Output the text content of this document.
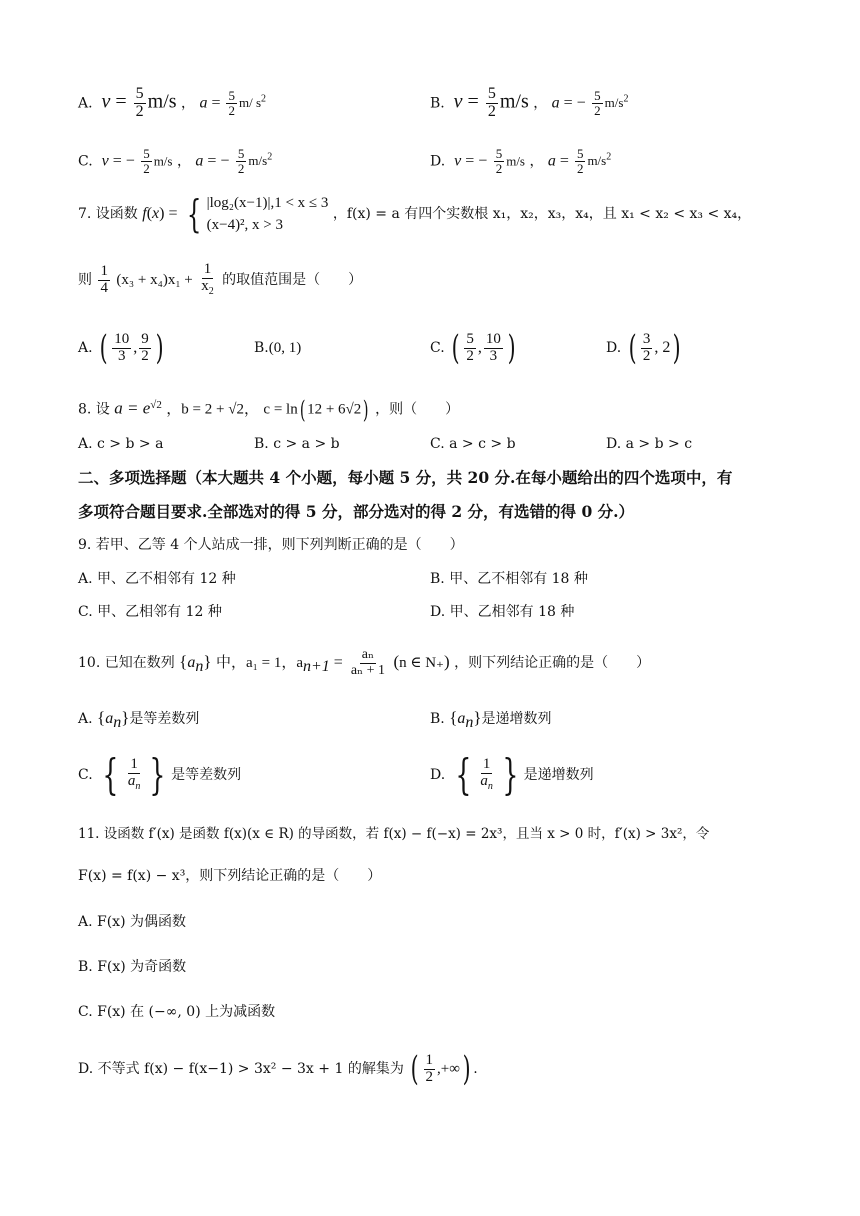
A. $v = \frac{5}{2} m/s$ ， $a = \frac{5}{2} m/$ $s^2$	B. $v = \frac{5}{2} m/s$ ， a = − $\frac{5}{2} m/s^2$
C. v = − $\frac{5}{2} m/s$ ， a = − $\frac{5}{2} m/s^2$	D. v = − $\frac{5}{2} m/s$ ， $a = \frac{5}{2} m/s^2$
7. 设函数 f(x) = { |log₂(x−1)|,1 < x ≤ 3
(x−4)², x > 3
，f(x) = a 有四个实数根 x₁，x₂，x₃，x₄，且 x₁ < x₂ < x₃ < x₄，
则 $\frac{1}{4} (x_3 + x_4)x_1 + \frac{1}{x_2}$ 的取值范围是（　　）
A. ( $\frac{10}{3}$ , $\frac{9}{2}$ )	B.(0, 1)	C. ( $\frac{5}{2}$ , $\frac{10}{3}$ )	D. ( $\frac{3}{2}$ , 2)
8. 设 $a = e^{√2}$ ，b = 2 + √2， c = ln( 12 + 6√2) ，则（　　）
A. c > b > a	B. c > a > b	C. a > c > b	D. a > b > c
二、多项选择题（本大题共 4 个小题，每小题 5 分，共 20 分.在每小题给出的四个选项中，有
多项符合题目要求.全部选对的得 5 分，部分选对的得 2 分，有选错的得 0 分.）
9. 若甲、乙等 4 个人站成一排，则下列判断正确的是（　　）
A. 甲、乙不相邻有 12 种	B. 甲、乙不相邻有 18 种
C. 甲、乙相邻有 12 种	D. 甲、乙相邻有 18 种
10. 已知在数列 $\{a_n\}$ 中，a₁ = 1，$a_{n+1} = \frac{\text{aₙ}}{\text{aₙ + 1}} (n$ ∈ N₊) ，则下列结论正确的是（　　）
A. $\{a_n\}$是等差数列	B. $\{a_n\}$是递增数列
C. { $\frac{1}{a_n}$ } 是等差数列	D. { $\frac{1}{a_n}$ } 是递增数列
11. 设函数 f′(x) 是函数 f(x)(x ∈ R) 的导函数，若 f(x) − f(−x) = 2x³，且当 x > 0 时，f′(x) > 3x²，令
F(x) = f(x) − x³，则下列结论正确的是（　　）
A. F(x) 为偶函数
B. F(x) 为奇函数
C. F(x) 在 (−∞, 0) 上为减函数
D. 不等式 f(x) − f(x−1) > 3x² − 3x + 1 的解集为 ( $\frac{1}{2}$ ,+∞) .
